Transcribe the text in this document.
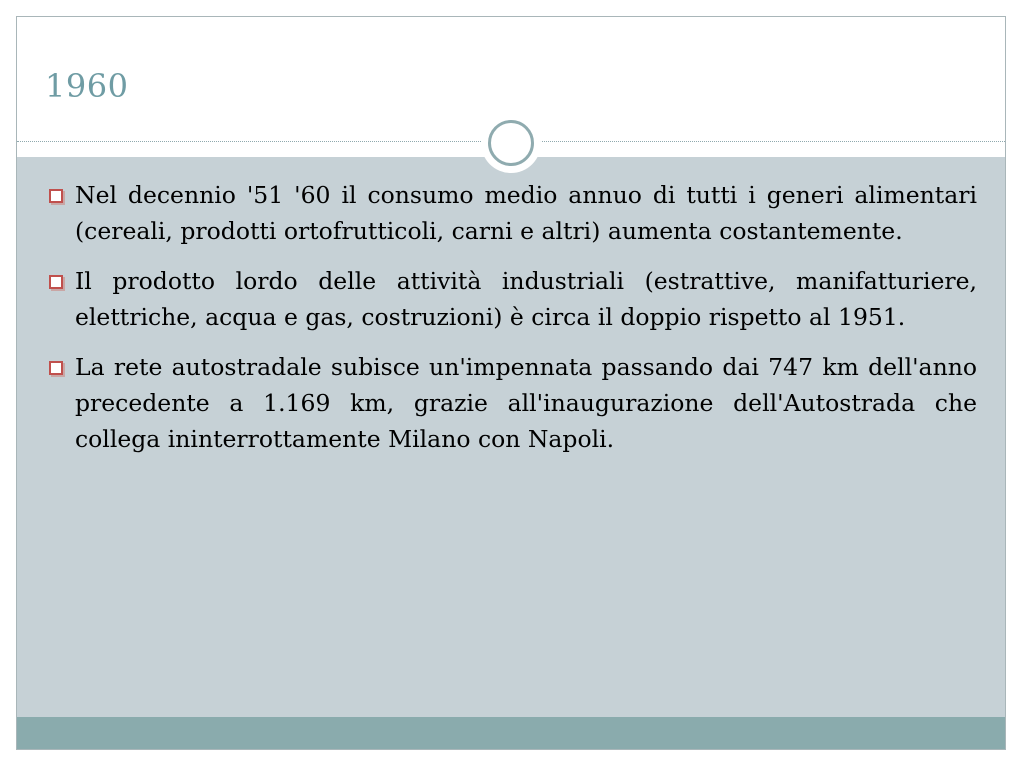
1960
Nel decennio '51 '60 il consumo medio annuo di tutti i generi alimentari (cereali, prodotti ortofrutticoli, carni e altri) aumenta costantemente.
Il prodotto lordo delle attività industriali (estrattive, manifatturiere, elettriche, acqua e gas, costruzioni) è circa il doppio rispetto al 1951.
La rete autostradale subisce un'impennata passando dai 747 km dell'anno precedente a 1.169 km, grazie all'inaugurazione dell'Autostrada che collega ininterrottamente Milano con Napoli.
